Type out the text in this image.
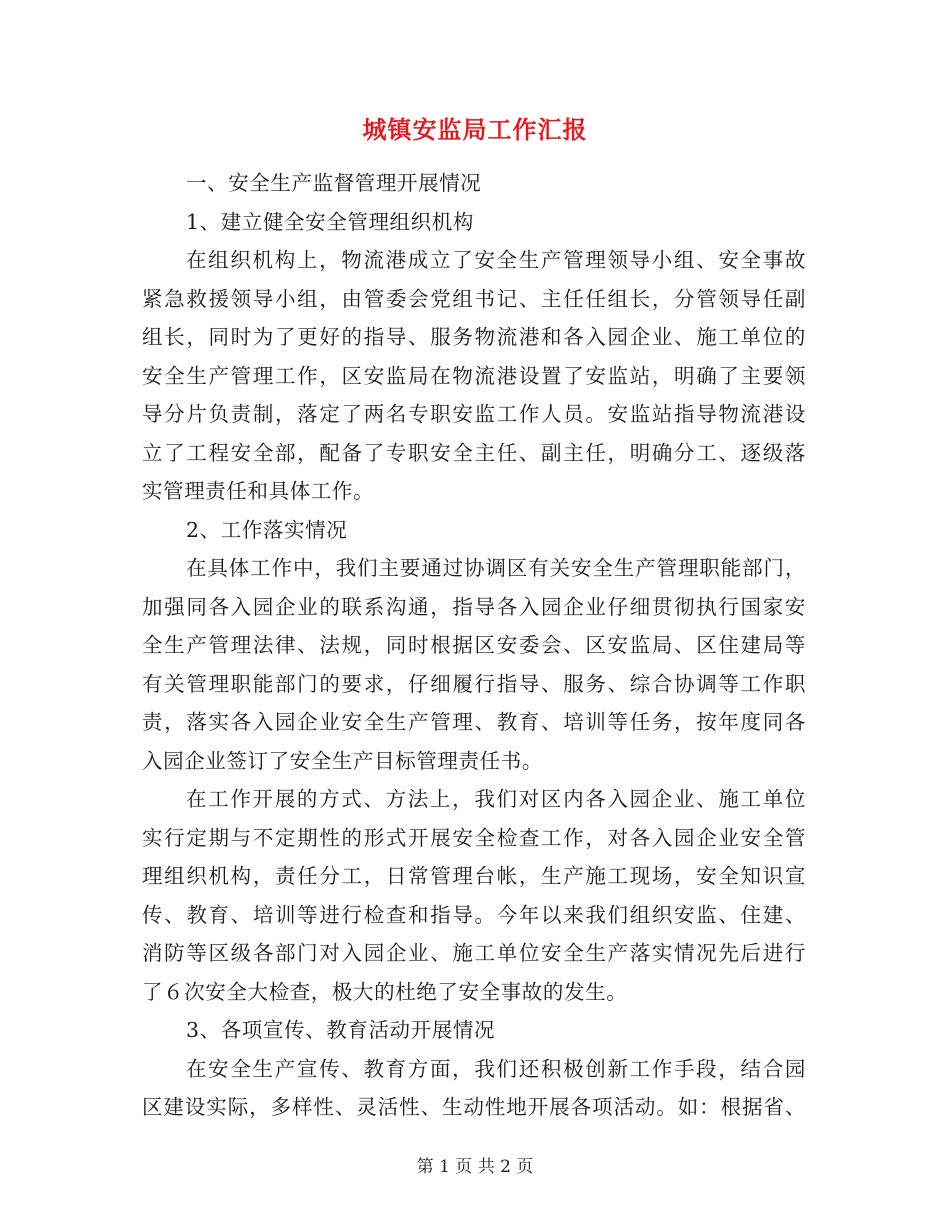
城镇安监局工作汇报
一、安全生产监督管理开展情况
1、建立健全安全管理组织机构
在组织机构上，物流港成立了安全生产管理领导小组、安全事故
紧急救援领导小组，由管委会党组书记、主任任组长，分管领导任副
组长，同时为了更好的指导、服务物流港和各入园企业、施工单位的
安全生产管理工作，区安监局在物流港设置了安监站，明确了主要领
导分片负责制，落定了两名专职安监工作人员。安监站指导物流港设
立了工程安全部，配备了专职安全主任、副主任，明确分工、逐级落
实管理责任和具体工作。
2、工作落实情况
在具体工作中，我们主要通过协调区有关安全生产管理职能部门，
加强同各入园企业的联系沟通，指导各入园企业仔细贯彻执行国家安
全生产管理法律、法规，同时根据区安委会、区安监局、区住建局等
有关管理职能部门的要求，仔细履行指导、服务、综合协调等工作职
责，落实各入园企业安全生产管理、教育、培训等任务，按年度同各
入园企业签订了安全生产目标管理责任书。
在工作开展的方式、方法上，我们对区内各入园企业、施工单位
实行定期与不定期性的形式开展安全检查工作，对各入园企业安全管
理组织机构，责任分工，日常管理台帐，生产施工现场，安全知识宣
传、教育、培训等进行检查和指导。今年以来我们组织安监、住建、
消防等区级各部门对入园企业、施工单位安全生产落实情况先后进行
了６次安全大检查，极大的杜绝了安全事故的发生。
3、各项宣传、教育活动开展情况
在安全生产宣传、教育方面，我们还积极创新工作手段，结合园
区建设实际，多样性、灵活性、生动性地开展各项活动。如：根据省、
第 1 页 共 2 页
